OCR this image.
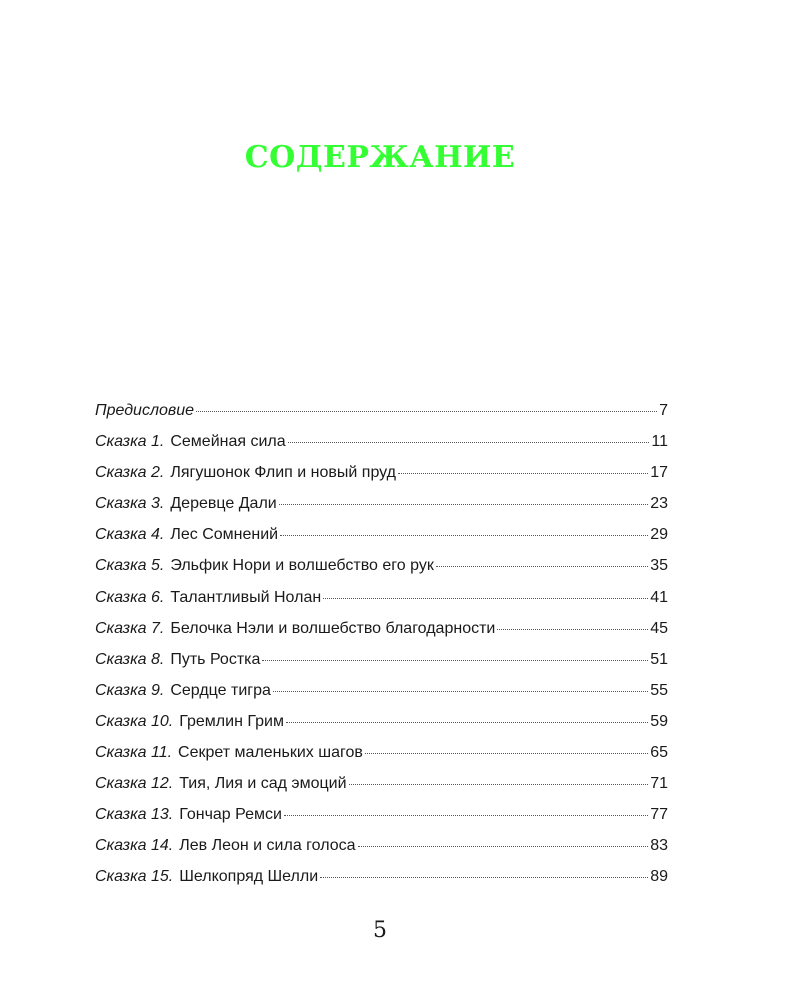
СОДЕРЖАНИЕ
Предисловие	7
Сказка 1. Семейная сила	11
Сказка 2. Лягушонок Флип и новый пруд	17
Сказка 3. Деревце Дали	23
Сказка 4. Лес Сомнений	29
Сказка 5. Эльфик Нори и волшебство его рук	35
Сказка 6. Талантливый Нолан	41
Сказка 7. Белочка Нэли и волшебство благодарности	45
Сказка 8. Путь Ростка	51
Сказка 9. Сердце тигра	55
Сказка 10. Гремлин Грим	59
Сказка 11. Секрет маленьких шагов	65
Сказка 12. Тия, Лия и сад эмоций	71
Сказка 13. Гончар Ремси	77
Сказка 14. Лев Леон и сила голоса	83
Сказка 15. Шелкопряд Шелли	89
5
